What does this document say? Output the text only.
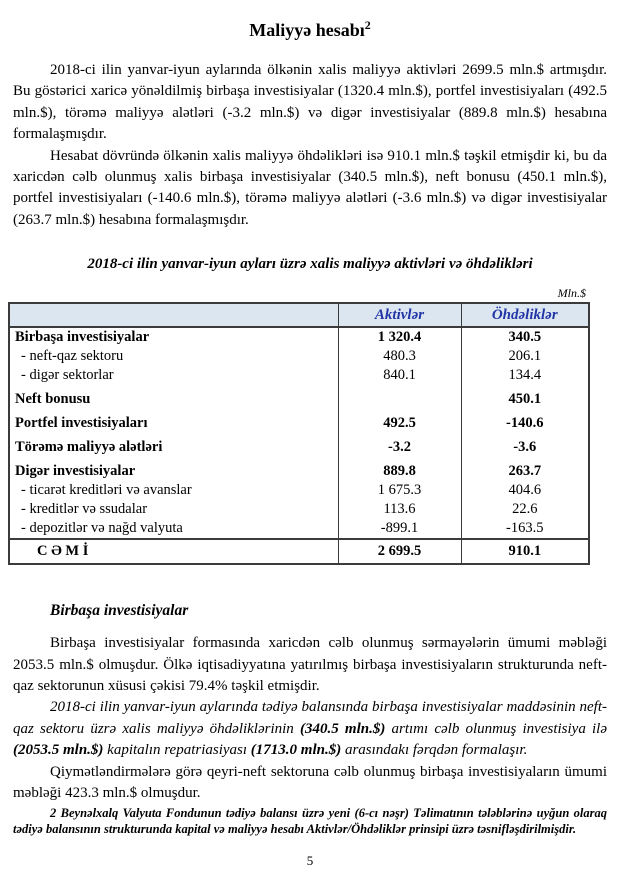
Maliyyə hesabı$^2$

2018-ci ilin yanvar-iyun aylarında ölkənin xalis maliyyə aktivləri 2699.5 mln.$ artmışdır. Bu göstərici xaricə yönəldilmiş birbaşa investisiyalar (1320.4 mln.$), portfel investisiyaları (492.5 mln.$), törəmə maliyyə alətləri (-3.2 mln.$) və digər investisiyalar (889.8 mln.$) hesabına formalaşmışdır.

Hesabat dövründə ölkənin xalis maliyyə öhdəlikləri isə 910.1 mln.$ təşkil etmişdir ki, bu da xaricdən cəlb olunmuş xalis birbaşa investisiyalar (340.5 mln.$), neft bonusu (450.1 mln.$), portfel investisiyaları (-140.6 mln.$), törəmə maliyyə alətləri (-3.6 mln.$) və digər investisiyalar (263.7 mln.$) hesabına formalaşmışdır.

2018-ci ilin yanvar-iyun ayları üzrə xalis maliyyə aktivləri və öhdəlikləri
Mln.$
	Aktivlər	Öhdəliklər
Birbaşa investisiyalar	1 320.4	340.5
- neft-qaz sektoru	480.3	206.1
- digər sektorlar	840.1	134.4
Neft bonusu		450.1
Portfel investisiyaları	492.5	-140.6
Törəmə maliyyə alətləri	-3.2	-3.6
Digər investisiyalar	889.8	263.7
- ticarət kreditləri və avanslar	1 675.3	404.6
- kreditlər və ssudalar	113.6	22.6
- depozitlər və nağd valyuta	-899.1	-163.5
C Ə M İ	2 699.5	910.1
Birbaşa investisiyalar

Birbaşa investisiyalar formasında xaricdən cəlb olunmuş sərmayələrin ümumi məbləği 2053.5 mln.$ olmuşdur. Ölkə iqtisadiyyatına yatırılmış birbaşa investisiyaların strukturunda neft-qaz sektorunun xüsusi çəkisi 79.4% təşkil etmişdir.

2018-ci ilin yanvar-iyun aylarında tədiyə balansında birbaşa investisiyalar maddəsinin neft-qaz sektoru üzrə xalis maliyyə öhdəliklərinin (340.5 mln.$) artımı cəlb olunmuş investisiya ilə (2053.5 mln.$) kapitalın repatriasiyası (1713.0 mln.$) arasındakı fərqdən formalaşır.

Qiymətləndirmələrə görə qeyri-neft sektoruna cəlb olunmuş birbaşa investisiyaların ümumi məbləği 423.3 mln.$ olmuşdur.

2 Beynəlxalq Valyuta Fondunun tədiyə balansı üzrə yeni (6-cı nəşr) Təlimatının tələblərinə uyğun olaraq tədiyə balansının strukturunda kapital və maliyyə hesabı Aktivlər/Öhdəliklər prinsipi üzrə təsnifləşdirilmişdir.

5
